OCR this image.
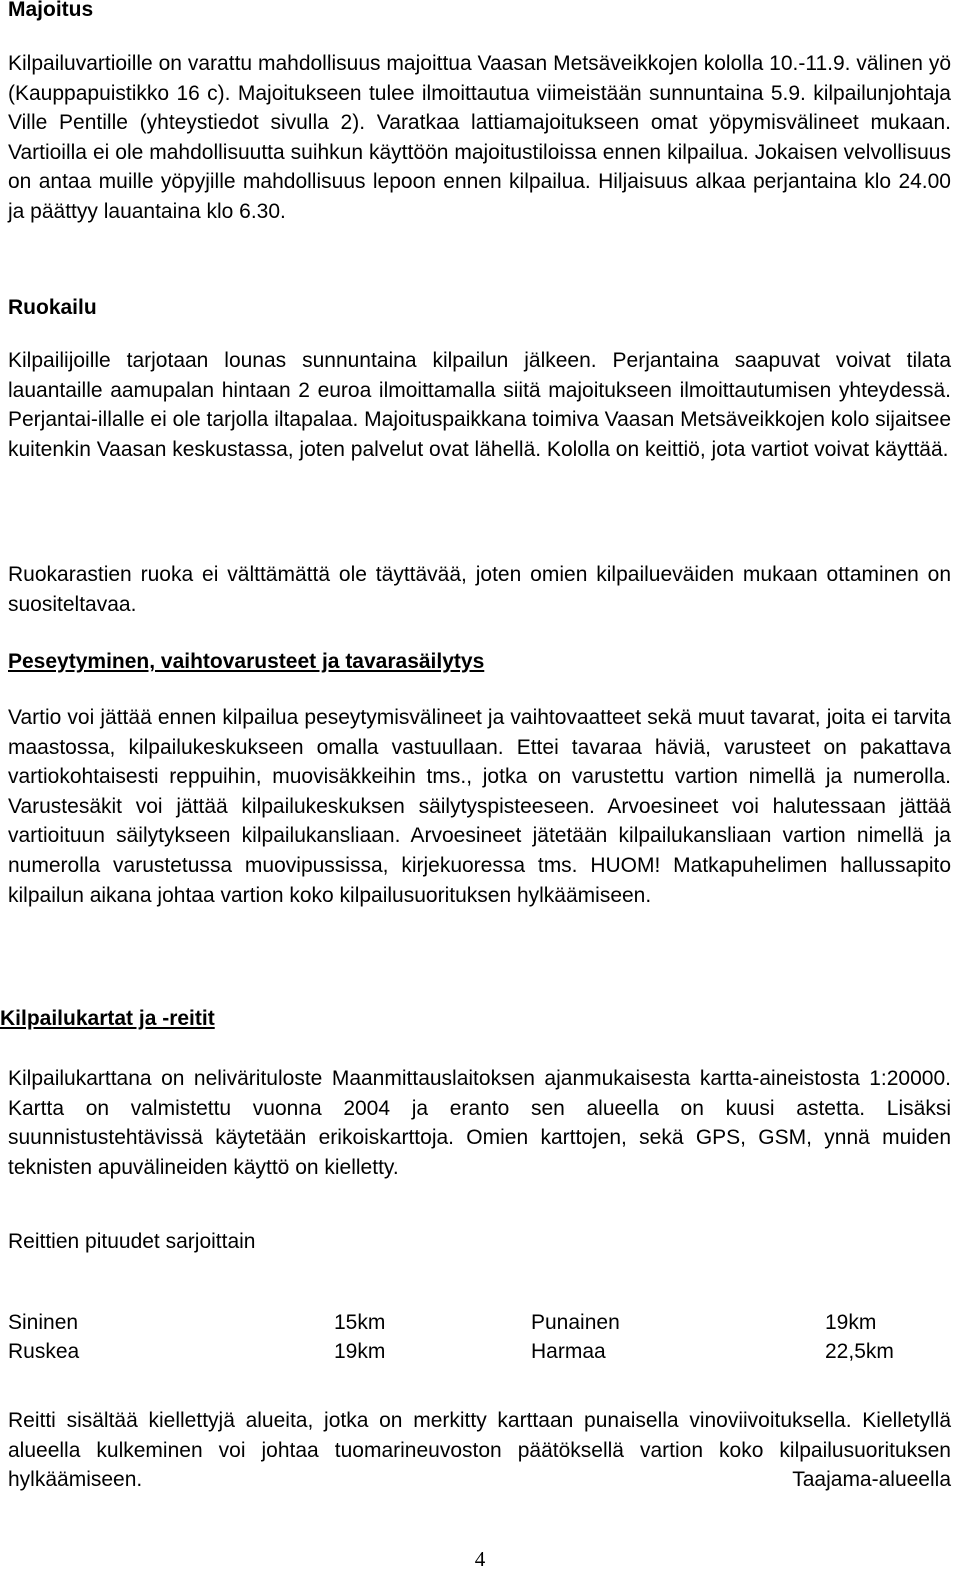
Majoitus

Kilpailuvartioille on varattu mahdollisuus majoittua Vaasan Metsäveikkojen kololla 10.-11.9. välinen yö (Kauppapuistikko 16 c). Majoitukseen tulee ilmoittautua viimeistään sunnuntaina 5.9. kilpailunjohtaja Ville Pentille (yhteystiedot sivulla 2). Varatkaa lattiamajoitukseen omat yöpymisvälineet mukaan. Vartioilla ei ole mahdollisuutta suihkun käyttöön majoitustiloissa ennen kilpailua. Jokaisen velvollisuus on antaa muille yöpyjille mahdollisuus lepoon ennen kilpailua. Hiljaisuus alkaa perjantaina klo 24.00 ja päättyy lauantaina klo 6.30.

Ruokailu

Kilpailijoille tarjotaan lounas sunnuntaina kilpailun jälkeen. Perjantaina saapuvat voivat tilata lauantaille aamupalan hintaan 2 euroa ilmoittamalla siitä majoitukseen ilmoittautumisen yhteydessä. Perjantai-illalle ei ole tarjolla iltapalaa. Majoituspaikkana toimiva Vaasan Metsäveikkojen kolo sijaitsee kuitenkin Vaasan keskustassa, joten palvelut ovat lähellä. Kololla on keittiö, jota vartiot voivat käyttää.

Ruokarastien ruoka ei välttämättä ole täyttävää, joten omien kilpailueväiden mukaan ottaminen on suositeltavaa.

Peseytyminen, vaihtovarusteet ja tavarasäilytys

Vartio voi jättää ennen kilpailua peseytymisvälineet ja vaihtovaatteet sekä muut tavarat, joita ei tarvita maastossa, kilpailukeskukseen omalla vastuullaan. Ettei tavaraa häviä, varusteet on pakattava vartiokohtaisesti reppuihin, muovisäkkeihin tms., jotka on varustettu vartion nimellä ja numerolla. Varustesäkit voi jättää kilpailukeskuksen säilytyspisteeseen. Arvoesineet voi halutessaan jättää vartioituun säilytykseen kilpailukansliaan. Arvoesineet jätetään kilpailukansliaan vartion nimellä ja numerolla varustetussa muovipussissa, kirjekuoressa tms. HUOM! Matkapuhelimen hallussapito kilpailun aikana johtaa vartion koko kilpailusuorituksen hylkäämiseen.

Kilpailukartat ja -reitit

Kilpailukarttana on nelivärituloste Maanmittauslaitoksen ajanmukaisesta kartta-aineistosta 1:20000. Kartta on valmistettu vuonna 2004 ja eranto sen alueella on kuusi astetta. Lisäksi suunnistustehtävissä käytetään erikoiskarttoja. Omien karttojen, sekä GPS, GSM, ynnä muiden teknisten apuvälineiden käyttö on kielletty.

Reittien pituudet sarjoittain

Sininen	15km	Punainen	19km
Ruskea	19km	Harmaa	22,5km

Reitti sisältää kiellettyjä alueita, jotka on merkitty karttaan punaisella vinoviivoituksella. Kielletyllä alueella kulkeminen voi johtaa tuomarineuvoston päätöksellä vartion koko kilpailusuorituksen hylkäämiseen. Taajama-alueella

4
